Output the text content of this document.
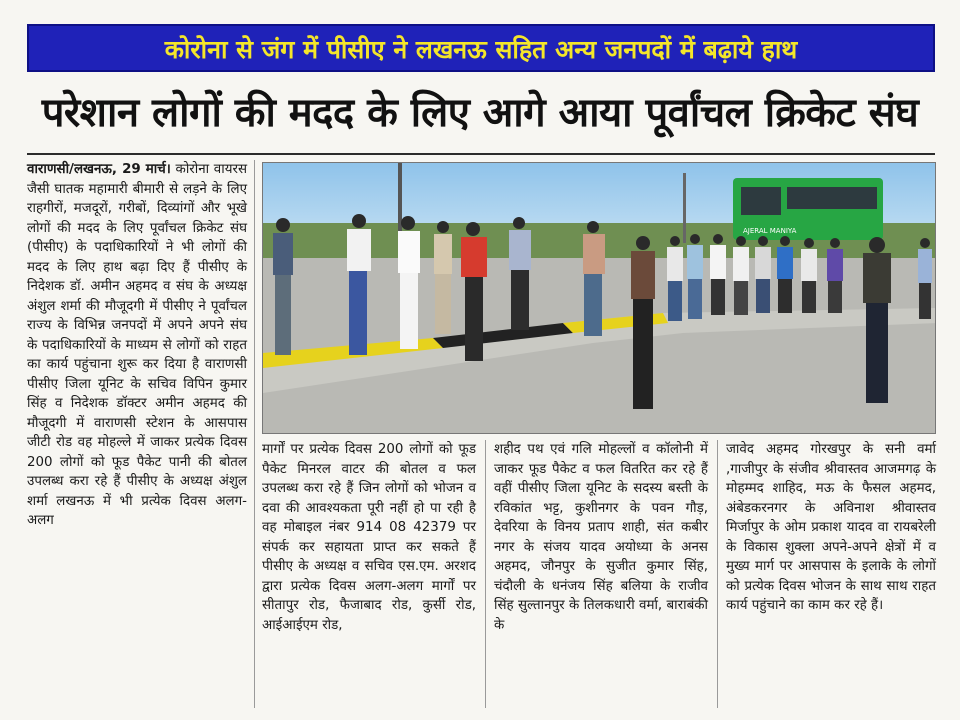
कोरोना से जंग में पीसीए ने लखनऊ सहित अन्य जनपदों में बढ़ाये हाथ
परेशान लोगों की मदद के लिए आगे आया पूर्वांचल क्रिकेट संघ
वाराणसी/लखनऊ, 29 मार्च। कोरोना वायरस जैसी घातक महामारी बीमारी से लड़ने के लिए राहगीरों, मजदूरों, गरीबों, दिव्यांगों और भूखे लोगों की मदद के लिए पूर्वांचल क्रिकेट संघ (पीसीए) के पदाधिकारियों ने भी लोगों की मदद के लिए हाथ बढ़ा दिए हैं पीसीए के निदेशक डॉ. अमीन अहमद व संघ के अध्यक्ष अंशुल शर्मा की मौजूदगी में पीसीए ने पूर्वांचल राज्य के विभिन्न जनपदों में अपने अपने संघ के पदाधिकारियों के माध्यम से लोगों को राहत का कार्य पहुंचाना शुरू कर दिया है वाराणसी पीसीए जिला यूनिट के सचिव विपिन कुमार सिंह व निदेशक डॉक्टर अमीन अहमद की मौजूदगी में वाराणसी स्टेशन के आसपास जीटी रोड वह मोहल्ले में जाकर प्रत्येक दिवस 200 लोगों को फूड पैकेट पानी की बोतल उपलब्ध करा रहे हैं पीसीए के अध्यक्ष अंशुल शर्मा लखनऊ में भी प्रत्येक दिवस अलग-अलग
AJERAL MANIYA
मार्गों पर प्रत्येक दिवस 200 लोगों को फूड पैकेट मिनरल वाटर की बोतल व फल उपलब्ध करा रहे हैं जिन लोगों को भोजन व दवा की आवश्यकता पूरी नहीं हो पा रही है वह मोबाइल नंबर 914 08 42379 पर संपर्क कर सहायता प्राप्त कर सकते हैं पीसीए के अध्यक्ष व सचिव एस.एम. अरशद द्वारा प्रत्येक दिवस अलग-अलग मार्गों पर सीतापुर रोड, फैजाबाद रोड, कुर्सी रोड, आईआईएम रोड,
शहीद पथ एवं गलि मोहल्लों व कॉलोनी में जाकर फूड पैकेट व फल वितरित कर रहे हैं वहीं पीसीए जिला यूनिट के सदस्य बस्ती के रविकांत भट्ट, कुशीनगर के पवन गौड़, देवरिया के विनय प्रताप शाही, संत कबीर नगर के संजय यादव अयोध्या के अनस अहमद, जौनपुर के सुजीत कुमार सिंह, चंदौली के धनंजय सिंह बलिया के राजीव सिंह सुल्तानपुर के तिलकधारी वर्मा, बाराबंकी के
जावेद अहमद गोरखपुर के सनी वर्मा ,गाजीपुर के संजीव श्रीवास्तव आजमगढ़ के मोहम्मद शाहिद, मऊ के फैसल अहमद, अंबेडकरनगर के अविनाश श्रीवास्तव मिर्जापुर के ओम प्रकाश यादव वा रायबरेली के विकास शुक्ला अपने-अपने क्षेत्रों में व मुख्य मार्ग पर आसपास के इलाके के लोगों को प्रत्येक दिवस भोजन के साथ साथ राहत कार्य पहुंचाने का काम कर रहे हैं।
